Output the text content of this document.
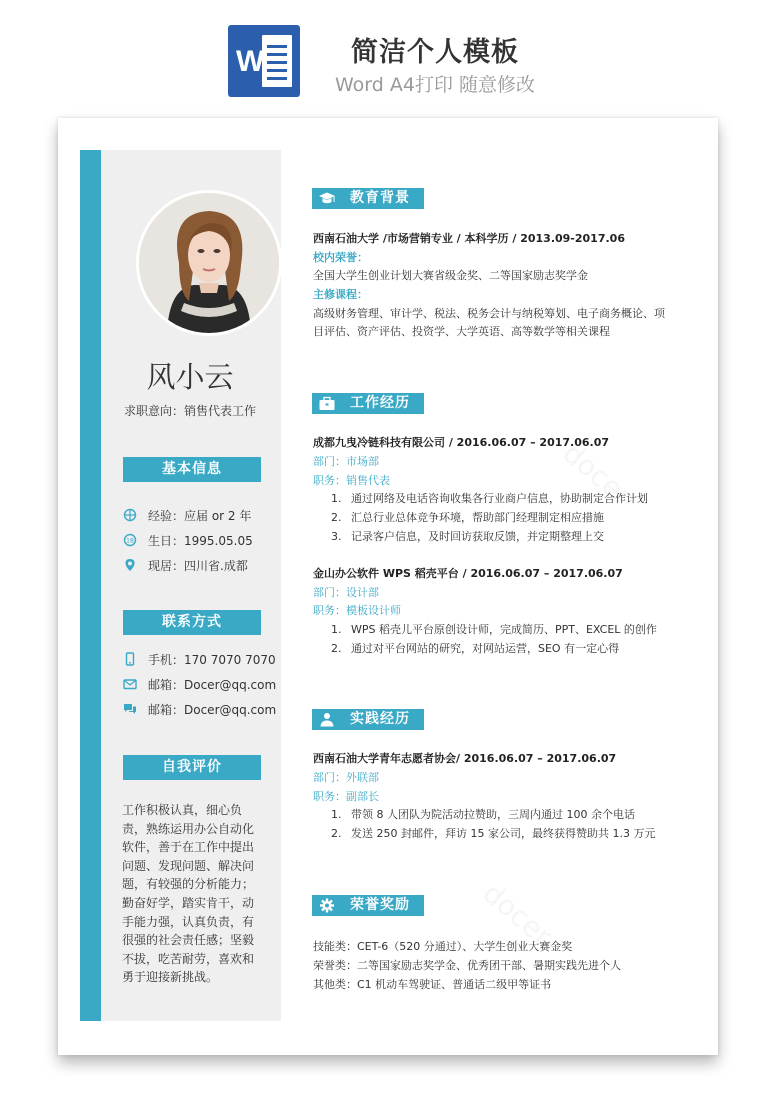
W	简洁个人模板
Word A4打印 随意修改
风小云
求职意向：销售代表工作
基本信息
经验：应届 or 2 年
18 生日：1995.05.05
现居：四川省.成都
联系方式
手机：170 7070 7070
邮箱：Docer@qq.com
邮箱：Docer@qq.com
自我评价
工作积极认真，细心负责，熟练运用办公自动化软件，善于在工作中提出问题、发现问题、解决问题，有较强的分析能力；勤奋好学，踏实肯干，动手能力强，认真负责，有很强的社会责任感；坚毅不拔，吃苦耐劳，喜欢和勇于迎接新挑战。
教育背景
西南石油大学 /市场营销专业 / 本科学历 / 2013.09-2017.06
校内荣誉：
全国大学生创业计划大赛省级金奖、二等国家励志奖学金
主修课程：
高级财务管理、审计学、税法、税务会计与纳税筹划、电子商务概论、项
目评估、资产评估、投资学、大学英语、高等数学等相关课程
工作经历
成都九曳冷链科技有限公司 / 2016.06.07 – 2017.06.07
部门：市场部
职务：销售代表
1. 通过网络及电话咨询收集各行业商户信息，协助制定合作计划
2. 汇总行业总体竞争环境，帮助部门经理制定相应措施
3. 记录客户信息，及时回访获取反馈，并定期整理上交
金山办公软件 WPS 稻壳平台 / 2016.06.07 – 2017.06.07
部门：设计部
职务：模板设计师
1. WPS 稻壳儿平台原创设计师，完成简历、PPT、EXCEL 的创作
2. 通过对平台网站的研究，对网站运营，SEO 有一定心得
实践经历
西南石油大学青年志愿者协会/ 2016.06.07 – 2017.06.07
部门：外联部
职务：副部长
1. 带领 8 人团队为院活动拉赞助，三周内通过 100 余个电话
2. 发送 250 封邮件，拜访 15 家公司，最终获得赞助共 1.3 万元
荣誉奖励
技能类：CET-6（520 分通过）、大学生创业大赛金奖
荣誉类：二等国家励志奖学金、优秀团干部、暑期实践先进个人
其他类：C1 机动车驾驶证、普通话二级甲等证书
